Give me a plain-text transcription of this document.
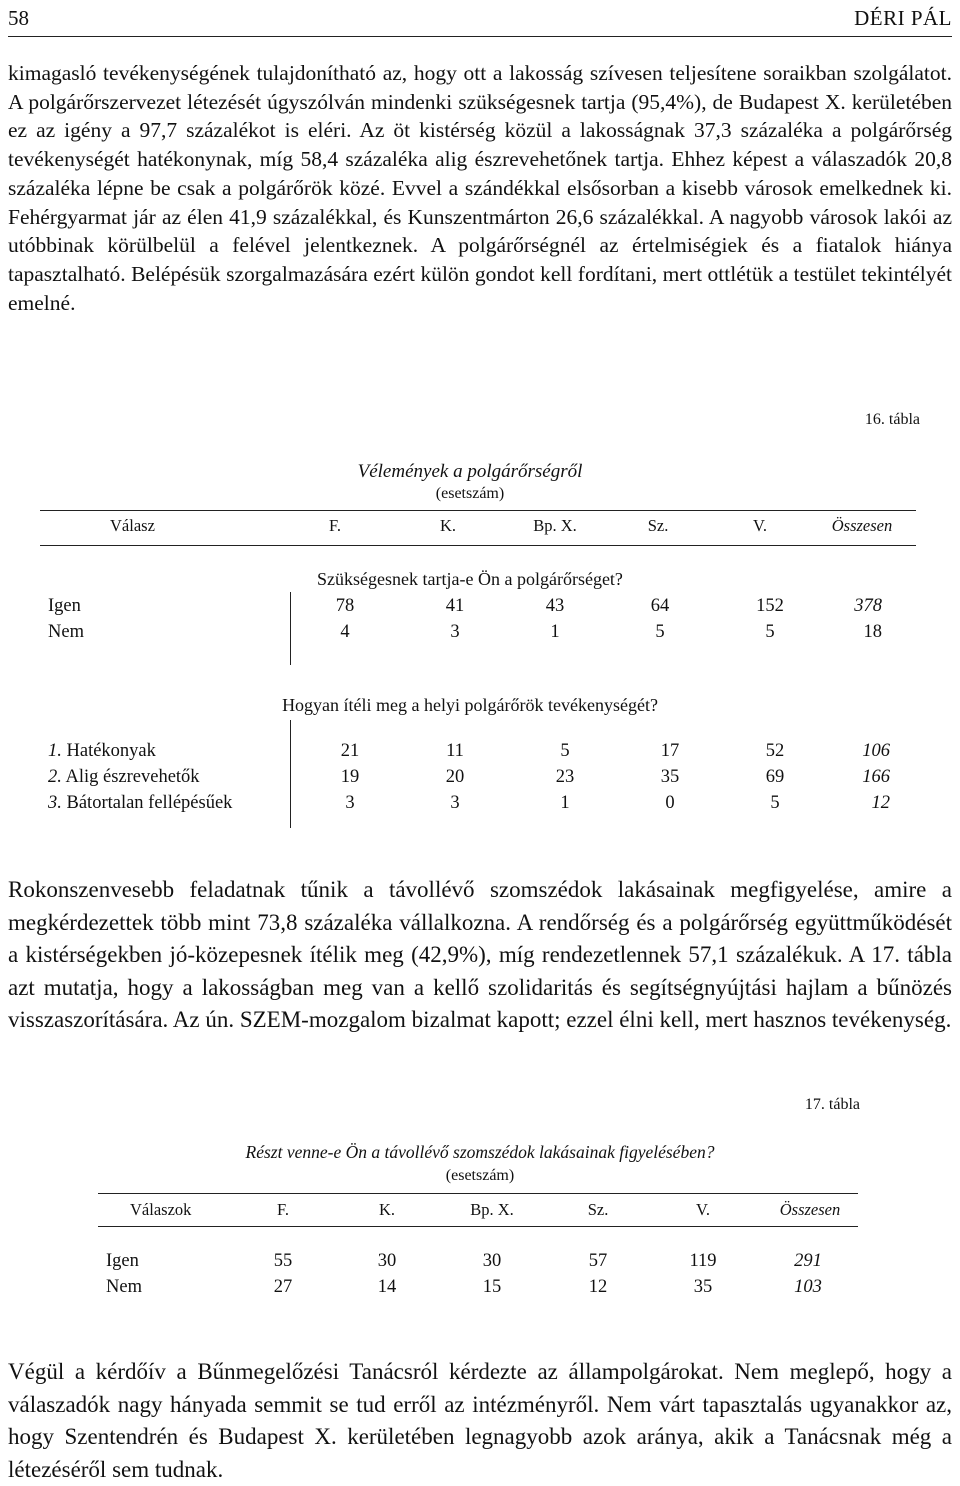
58	DÉRI PÁL
kimagasló tevékenységének tulajdonítható az, hogy ott a lakosság szívesen teljesítene soraikban szolgálatot. A polgárőrszervezet létezését úgyszólván mindenki szükségesnek tartja (95,4%), de Budapest X. kerületében ez az igény a 97,7 százalékot is eléri. Az öt kistérség közül a lakosságnak 37,3 százaléka a polgárőrség tevékenységét hatékonynak, míg 58,4 százaléka alig észrevehetőnek tartja. Ehhez képest a válaszadók 20,8 százaléka lépne be csak a polgárőrök közé. Evvel a szándékkal elsősorban a kisebb városok emelkednek ki. Fehérgyarmat jár az élen 41,9 százalékkal, és Kunszentmárton 26,6 százalékkal. A nagyobb városok lakói az utóbbinak körülbelül a felével jelentkeznek. A polgárőrségnél az értelmiségiek és a fiatalok hiánya tapasztalható. Belépésük szorgalmazására ezért külön gondot kell fordítani, mert ottlétük a testület tekintélyét emelné.
16. tábla
Vélemények a polgárőrségről
(esetszám)
Válasz	F.	K.	Bp. X.	Sz.	V.	Összesen
Szükségesnek tartja-e Ön a polgárőrséget?
Igen	78	41	43	64	152	378
Nem	4	3	1	5	5	18
Hogyan ítéli meg a helyi polgárőrök tevékenységét?
1. Hatékonyak	21	11	5	17	52	106
2. Alig észrevehetők	19	20	23	35	69	166
3. Bátortalan fellépésűek	3	3	1	0	5	12
Rokonszenvesebb feladatnak tűnik a távollévő szomszédok lakásainak megfigyelése, amire a megkérdezettek több mint 73,8 százaléka vállalkozna. A rendőrség és a polgárőrség együttműködését a kistérségekben jó-közepesnek ítélik meg (42,9%), míg rendezetlennek 57,1 százalékuk. A 17. tábla azt mutatja, hogy a lakosságban meg van a kellő szolidaritás és segítségnyújtási hajlam a bűnözés visszaszorítására. Az ún. SZEM-mozgalom bizalmat kapott; ezzel élni kell, mert hasznos tevékenység.
17. tábla
Részt venne-e Ön a távollévő szomszédok lakásainak figyelésében?
(esetszám)
Válaszok	F.	K.	Bp. X.	Sz.	V.	Összesen
Igen	55	30	30	57	119	291
Nem	27	14	15	12	35	103
Végül a kérdőív a Bűnmegelőzési Tanácsról kérdezte az állampolgárokat. Nem meglepő, hogy a válaszadók nagy hányada semmit se tud erről az intézményről. Nem várt tapasztalás ugyanakkor az, hogy Szentendrén és Budapest X. kerületében legnagyobb azok aránya, akik a Tanácsnak még a létezéséről sem tudnak.
